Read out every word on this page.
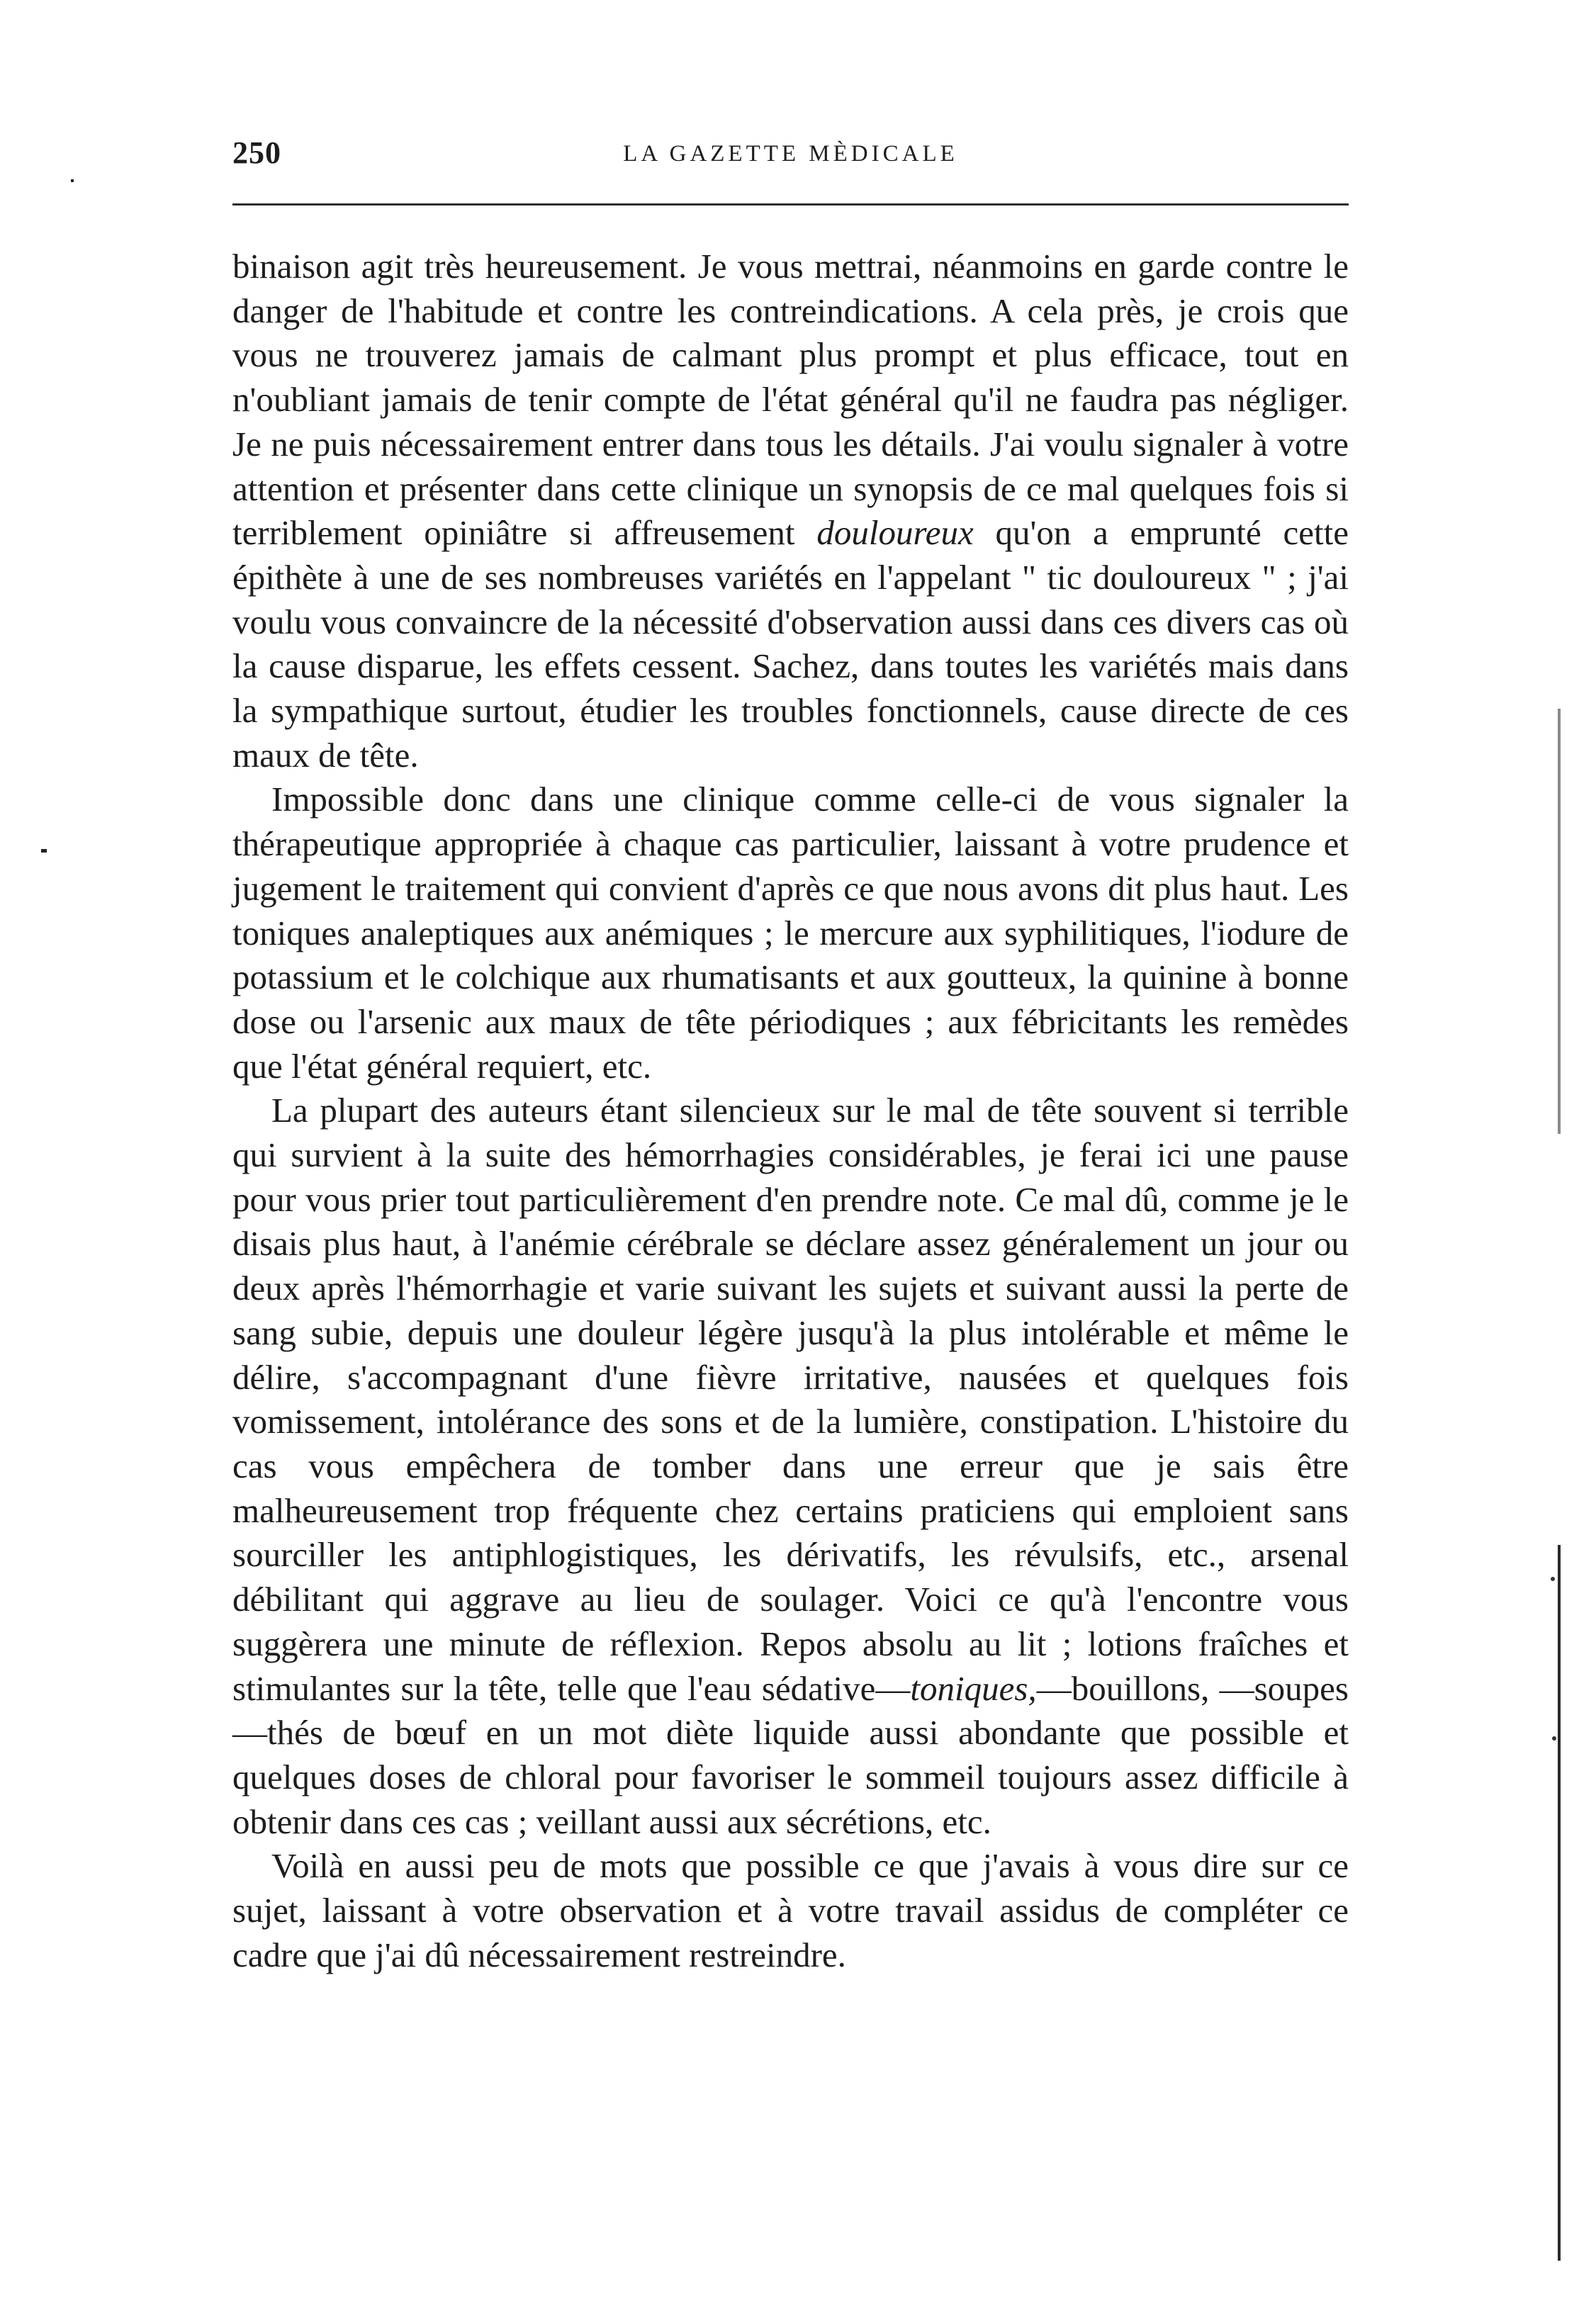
250	LA GAZETTE MÈDICALE

binaison agit très heureusement. Je vous mettrai, néanmoins en garde contre le danger de l'habitude et contre les contreindications. A cela près, je crois que vous ne trouverez jamais de calmant plus prompt et plus efficace, tout en n'oubliant jamais de tenir compte de l'état général qu'il ne faudra pas négliger. Je ne puis nécessairement entrer dans tous les détails. J'ai voulu signaler à votre attention et présenter dans cette clinique un synopsis de ce mal quelques fois si terriblement opiniâtre si affreusement douloureux qu'on a emprunté cette épithète à une de ses nombreuses variétés en l'appelant " tic douloureux " ; j'ai voulu vous convaincre de la nécessité d'observation aussi dans ces divers cas où la cause disparue, les effets cessent. Sachez, dans toutes les variétés mais dans la sympathique surtout, étudier les troubles fonctionnels, cause directe de ces maux de tête.

Impossible donc dans une clinique comme celle-ci de vous signaler la thérapeutique appropriée à chaque cas particulier, laissant à votre prudence et jugement le traitement qui convient d'après ce que nous avons dit plus haut. Les toniques analeptiques aux anémiques ; le mercure aux syphilitiques, l'iodure de potassium et le colchique aux rhumatisants et aux goutteux, la quinine à bonne dose ou l'arsenic aux maux de tête périodiques ; aux fébricitants les remèdes que l'état général requiert, etc.

La plupart des auteurs étant silencieux sur le mal de tête souvent si terrible qui survient à la suite des hémorrhagies considérables, je ferai ici une pause pour vous prier tout particulièrement d'en prendre note. Ce mal dû, comme je le disais plus haut, à l'anémie cérébrale se déclare assez généralement un jour ou deux après l'hémorrhagie et varie suivant les sujets et suivant aussi la perte de sang subie, depuis une douleur légère jusqu'à la plus intolérable et même le délire, s'accompagnant d'une fièvre irritative, nausées et quelques fois vomissement, intolérance des sons et de la lumière, constipation. L'histoire du cas vous empêchera de tomber dans une erreur que je sais être malheureusement trop fréquente chez certains praticiens qui emploient sans sourciller les antiphlogistiques, les dérivatifs, les révulsifs, etc., arsenal débilitant qui aggrave au lieu de soulager. Voici ce qu'à l'encontre vous suggèrera une minute de réflexion. Repos absolu au lit ; lotions fraîches et stimulantes sur la tête, telle que l'eau sédative—toniques,—bouillons, —soupes—thés de bœuf en un mot diète liquide aussi abondante que possible et quelques doses de chloral pour favoriser le sommeil toujours assez difficile à obtenir dans ces cas ; veillant aussi aux sécrétions, etc.

Voilà en aussi peu de mots que possible ce que j'avais à vous dire sur ce sujet, laissant à votre observation et à votre travail assidus de compléter ce cadre que j'ai dû nécessairement restreindre.
